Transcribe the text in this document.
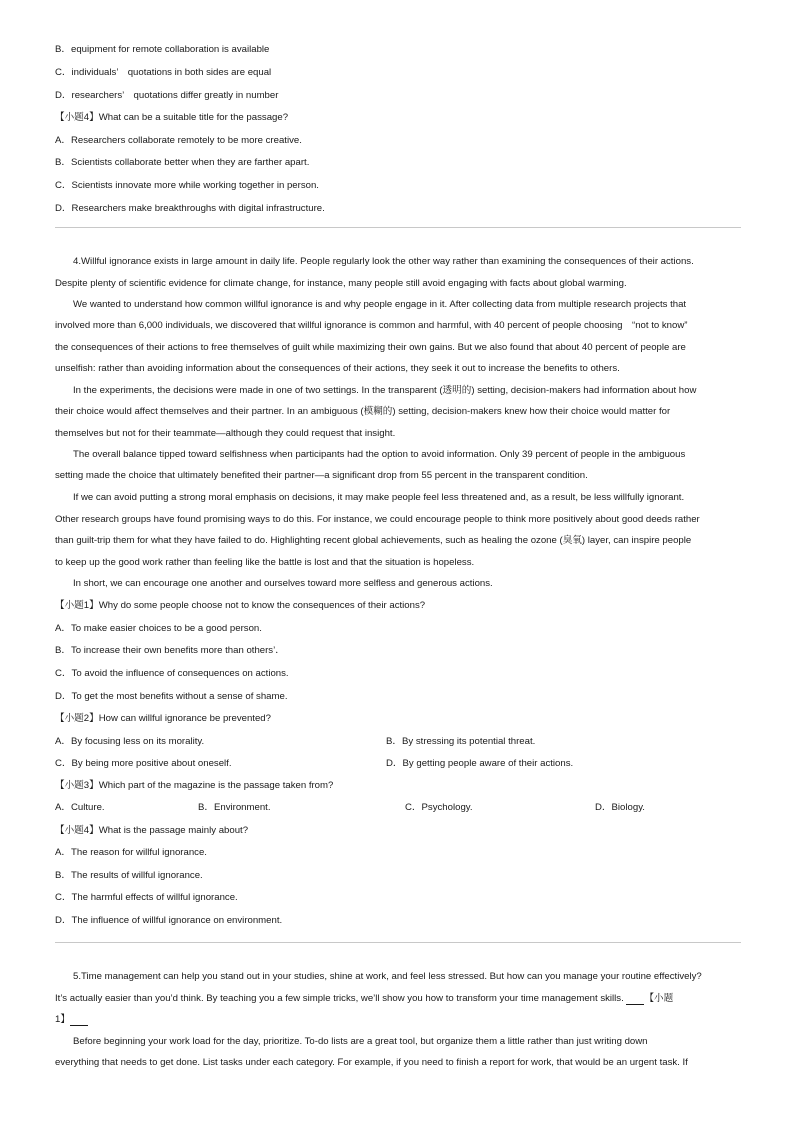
B．equipment for remote collaboration is available
C．individuals’　quotations in both sides are equal
D．researchers’　quotations differ greatly in number
【小题4】What can be a suitable title for the passage?
A．Researchers collaborate remotely to be more creative.
B．Scientists collaborate better when they are farther apart.
C．Scientists innovate more while working together in person.
D．Researchers make breakthroughs with digital infrastructure.
4.Willful ignorance exists in large amount in daily life. People regularly look the other way rather than examining the consequences of their actions.
Despite plenty of scientific evidence for climate change, for instance, many people still avoid engaging with facts about global warming.
We wanted to understand how common willful ignorance is and why people engage in it. After collecting data from multiple research projects that
involved more than 6,000 individuals, we discovered that willful ignorance is common and harmful, with 40 percent of people choosing　“not to know”
the consequences of their actions to free themselves of guilt while maximizing their own gains. But we also found that about 40 percent of people are
unselfish: rather than avoiding information about the consequences of their actions, they seek it out to increase the benefits to others.
In the experiments, the decisions were made in one of two settings. In the transparent (透明的) setting, decision-makers had information about how
their choice would affect themselves and their partner. In an ambiguous (模糊的) setting, decision-makers knew how their choice would matter for
themselves but not for their teammate—although they could request that insight.
The overall balance tipped toward selfishness when participants had the option to avoid information. Only 39 percent of people in the ambiguous
setting made the choice that ultimately benefited their partner—a significant drop from 55 percent in the transparent condition.
If we can avoid putting a strong moral emphasis on decisions, it may make people feel less threatened and, as a result, be less willfully ignorant.
Other research groups have found promising ways to do this. For instance, we could encourage people to think more positively about good deeds rather
than guilt-trip them for what they have failed to do. Highlighting recent global achievements, such as healing the ozone (臭氧) layer, can inspire people
to keep up the good work rather than feeling like the battle is lost and that the situation is hopeless.
In short, we can encourage one another and ourselves toward more selfless and generous actions.
【小题1】Why do some people choose not to know the consequences of their actions?
A．To make easier choices to be a good person.
B．To increase their own benefits more than others’．
C．To avoid the influence of consequences on actions.
D．To get the most benefits without a sense of shame.
【小题2】How can willful ignorance be prevented?
A．By focusing less on its morality.	B．By stressing its potential threat.
C．By being more positive about oneself.	D．By getting people aware of their actions.
【小题3】Which part of the magazine is the passage taken from?
A．Culture.	B．Environment.	C．Psychology.	D．Biology.
【小题4】What is the passage mainly about?
A．The reason for willful ignorance.
B．The results of willful ignorance.
C．The harmful effects of willful ignorance.
D．The influence of willful ignorance on environment.
5.Time management can help you stand out in your studies, shine at work, and feel less stressed. But how can you manage your routine effectively?
It’s actually easier than you’d think. By teaching you a few simple tricks, we’ll show you how to transform your time management skills. 【小题
1】
Before beginning your work load for the day, prioritize. To-do lists are a great tool, but organize them a little rather than just writing down
everything that needs to get done. List tasks under each category. For example, if you need to finish a report for work, that would be an urgent task. If
